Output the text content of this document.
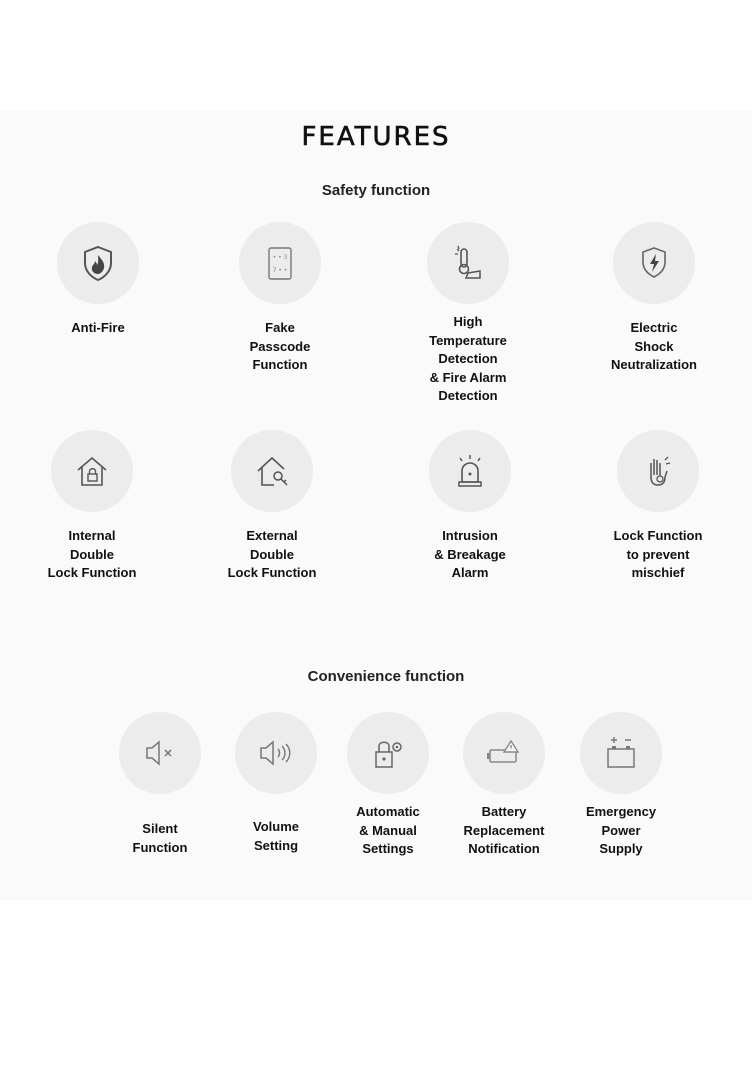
FEATURES
Safety function
Convenience function
Anti-Fire
• • 3
7 • •
Fake
Passcode
Function
High
Temperature
Detection
& Fire Alarm
Detection
Electric
Shock
Neutralization
Internal
Double
Lock Function
External
Double
Lock Function
Intrusion
& Breakage
Alarm
Lock Function
to prevent
mischief
Silent
Function
Volume
Setting
Automatic
& Manual
Settings
Battery
Replacement
Notification
Emergency
Power
Supply
